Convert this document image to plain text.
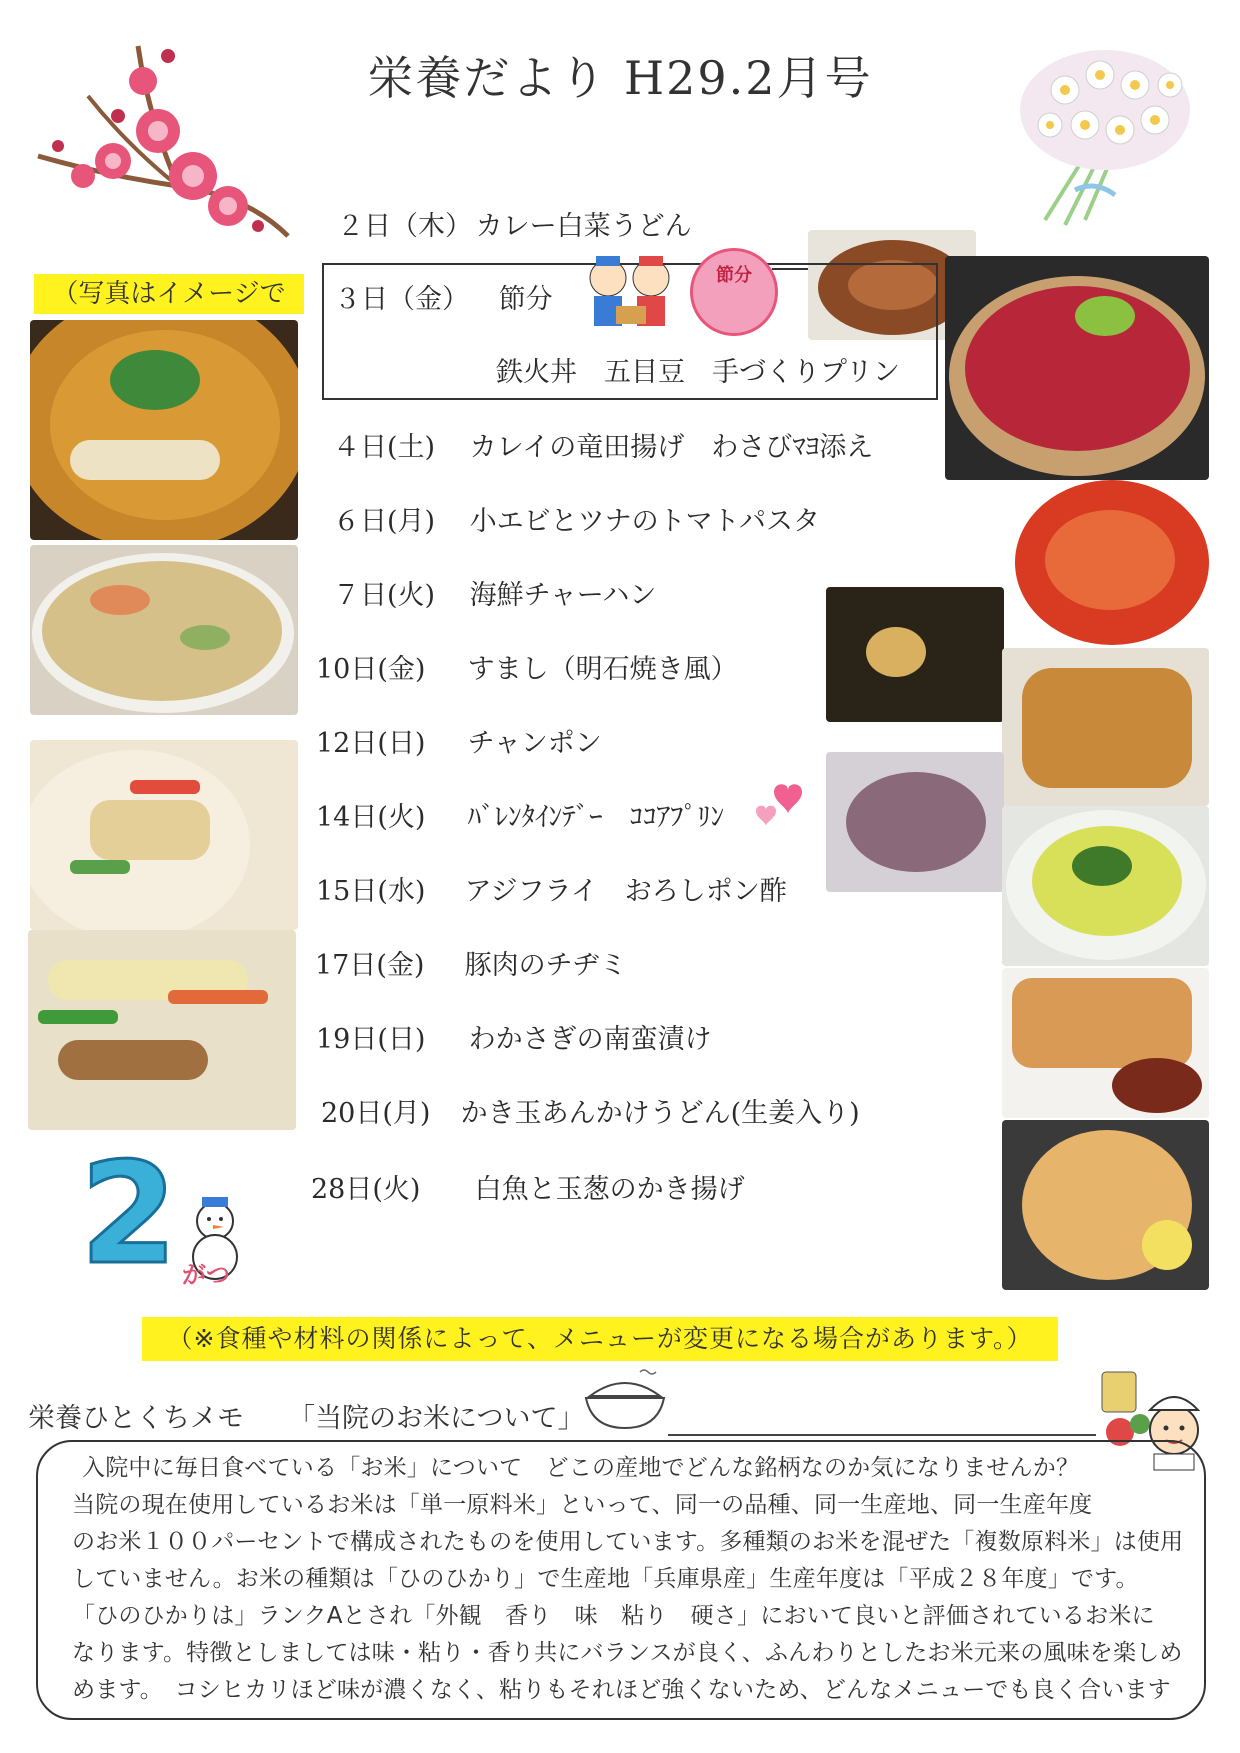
栄養だより H29.2月号
（写真はイメージで
節分
２日（木） カレー白菜うどん
３日（金） 節分
鉄火丼　五目豆　手づくりプリン
４日(土) カレイの竜田揚げ　わさびﾏﾖ添え
６日(月) 小エビとツナのトマトパスタ
７日(火) 海鮮チャーハン
10日(金) すまし（明石焼き風）
12日(日) チャンポン
14日(火) ﾊﾞﾚﾝﾀｲﾝﾃﾞｰ　ｺｺｱﾌﾟﾘﾝ
15日(水) アジフライ　おろしポン酢
17日(金) 豚肉のチヂミ
19日(日) わかさぎの南蛮漬け
20日(月) かき玉あんかけうどん(生姜入り)
28日(火) 白魚と玉葱のかき揚げ
2 がつ
（※食種や材料の関係によって、メニューが変更になる場合があります。）
栄養ひとくちメモ 「当院のお米について」
入院中に毎日食べている「お米」について　どこの産地でどんな銘柄なのか気になりませんか？
当院の現在使用しているお米は「単一原料米」といって、同一の品種、同一生産地、同一生産年度
のお米１００パーセントで構成されたものを使用しています。多種類のお米を混ぜた「複数原料米」は使用
していません。お米の種類は「ひのひかり」で生産地「兵庫県産」生産年度は「平成２８年度」です。
「ひのひかりは」ランクAとされ「外観　香り　味　粘り　硬さ」において良いと評価されているお米に
なります。特徴としましては味・粘り・香り共にバランスが良く、ふんわりとしたお米元来の風味を楽しめ
めます。　コシヒカリほど味が濃くなく、粘りもそれほど強くないため、どんなメニューでも良く合います
